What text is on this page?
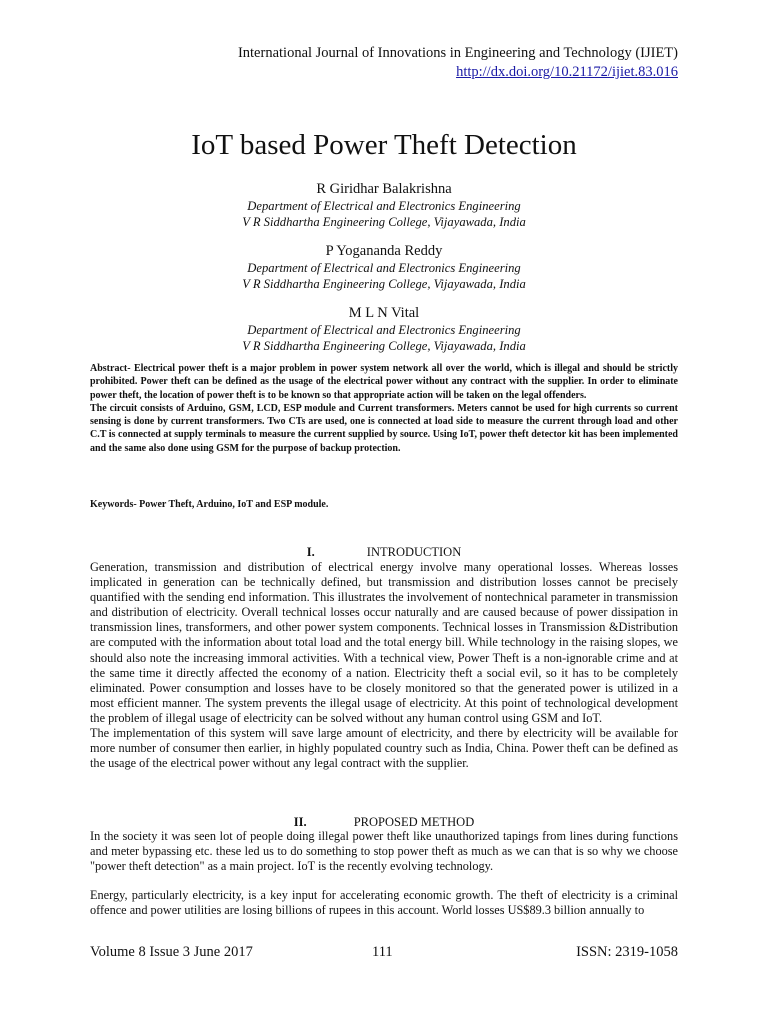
International Journal of Innovations in Engineering and Technology (IJIET)
http://dx.doi.org/10.21172/ijiet.83.016
IoT based Power Theft Detection
R Giridhar Balakrishna
Department of Electrical and Electronics Engineering
V R Siddhartha Engineering College, Vijayawada, India
P Yogananda Reddy
Department of Electrical and Electronics Engineering
V R Siddhartha Engineering College, Vijayawada, India
M L N Vital
Department of Electrical and Electronics Engineering
V R Siddhartha Engineering College, Vijayawada, India

Abstract- Electrical power theft is a major problem in power system network all over the world, which is illegal and should be strictly prohibited. Power theft can be defined as the usage of the electrical power without any contract with the supplier. In order to eliminate power theft, the location of power theft is to be known so that appropriate action will be taken on the legal offenders.

The circuit consists of Arduino, GSM, LCD, ESP module and Current transformers. Meters cannot be used for high currents so current sensing is done by current transformers. Two CTs are used, one is connected at load side to measure the current through load and other C.T is connected at supply terminals to measure the current supplied by source. Using IoT, power theft detector kit has been implemented and the same also done using GSM for the purpose of backup protection.

Keywords- Power Theft, Arduino, IoT and ESP module.
I.	INTRODUCTION

Generation, transmission and distribution of electrical energy involve many operational losses. Whereas losses implicated in generation can be technically defined, but transmission and distribution losses cannot be precisely quantified with the sending end information. This illustrates the involvement of nontechnical parameter in transmission and distribution of electricity. Overall technical losses occur naturally and are caused because of power dissipation in transmission lines, transformers, and other power system components. Technical losses in Transmission &Distribution are computed with the information about total load and the total energy bill. While technology in the raising slopes, we should also note the increasing immoral activities. With a technical view, Power Theft is a non-ignorable crime and at the same time it directly affected the economy of a nation. Electricity theft a social evil, so it has to be completely eliminated. Power consumption and losses have to be closely monitored so that the generated power is utilized in a most efficient manner. The system prevents the illegal usage of electricity. At this point of technological development the problem of illegal usage of electricity can be solved without any human control using GSM and IoT.

The implementation of this system will save large amount of electricity, and there by electricity will be available for more number of consumer then earlier, in highly populated country such as India, China. Power theft can be defined as the usage of the electrical power without any legal contract with the supplier.

II.	PROPOSED METHOD

In the society it was seen lot of people doing illegal power theft like unauthorized tapings from lines during functions and meter bypassing etc. these led us to do something to stop power theft as much as we can that is so why we choose "power theft detection" as a main project. IoT is the recently evolving technology.

Energy, particularly electricity, is a key input for accelerating economic growth. The theft of electricity is a criminal offence and power utilities are losing billions of rupees in this account. World losses US$89.3 billion annually to

Volume 8 Issue 3 June 2017	111	ISSN: 2319-1058
